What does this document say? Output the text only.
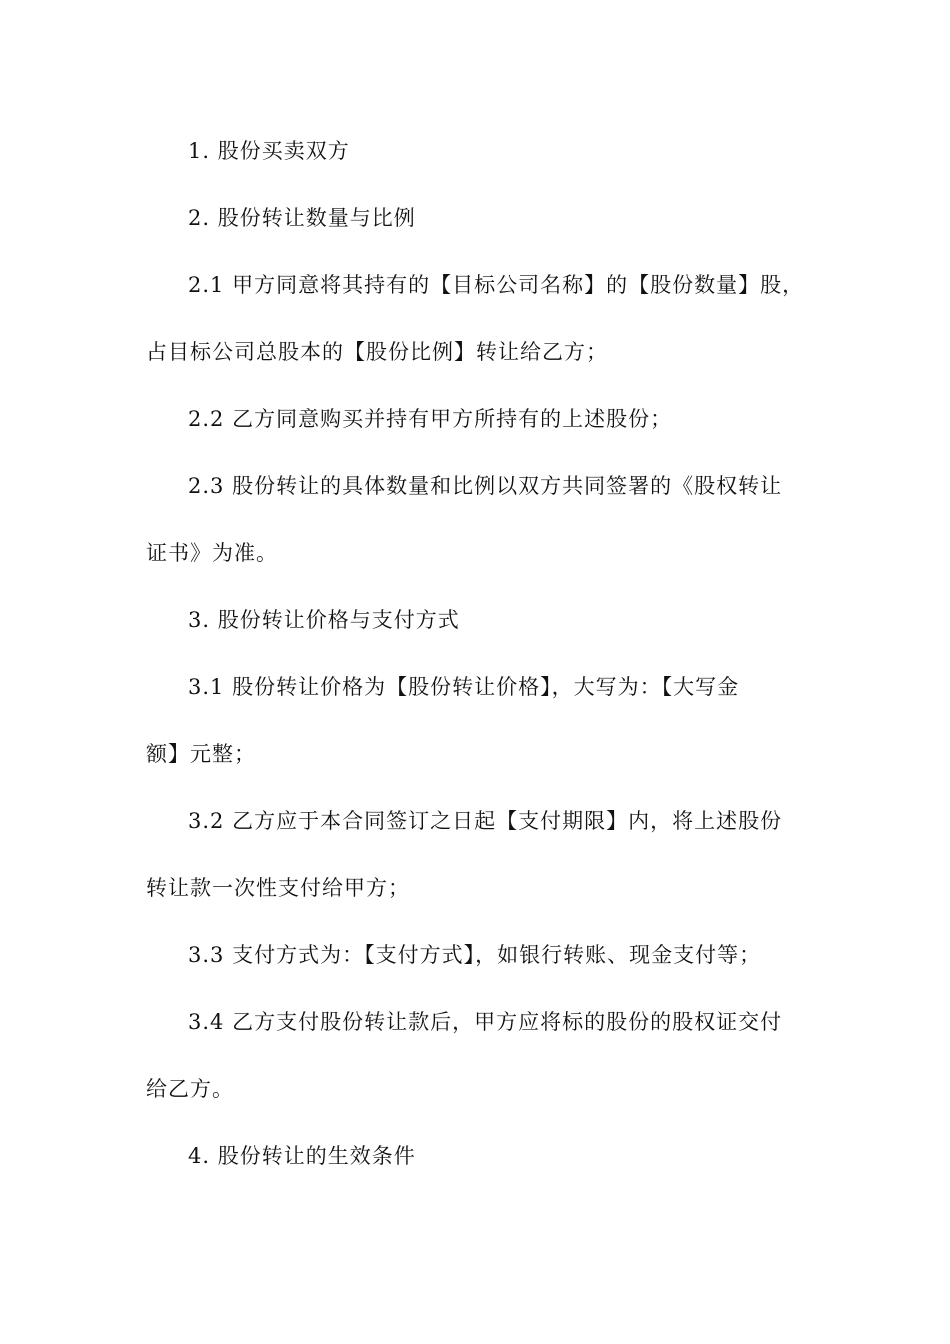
1. 股份买卖双方
2. 股份转让数量与比例
2.1 甲方同意将其持有的【目标公司名称】的【股份数量】股，
占目标公司总股本的【股份比例】转让给乙方；
2.2 乙方同意购买并持有甲方所持有的上述股份；
2.3 股份转让的具体数量和比例以双方共同签署的《股权转让
证书》为准。
3. 股份转让价格与支付方式
3.1 股份转让价格为【股份转让价格】，大写为：【大写金
额】元整；
3.2 乙方应于本合同签订之日起【支付期限】内，将上述股份
转让款一次性支付给甲方；
3.3 支付方式为：【支付方式】，如银行转账、现金支付等；
3.4 乙方支付股份转让款后，甲方应将标的股份的股权证交付
给乙方。
4. 股份转让的生效条件
